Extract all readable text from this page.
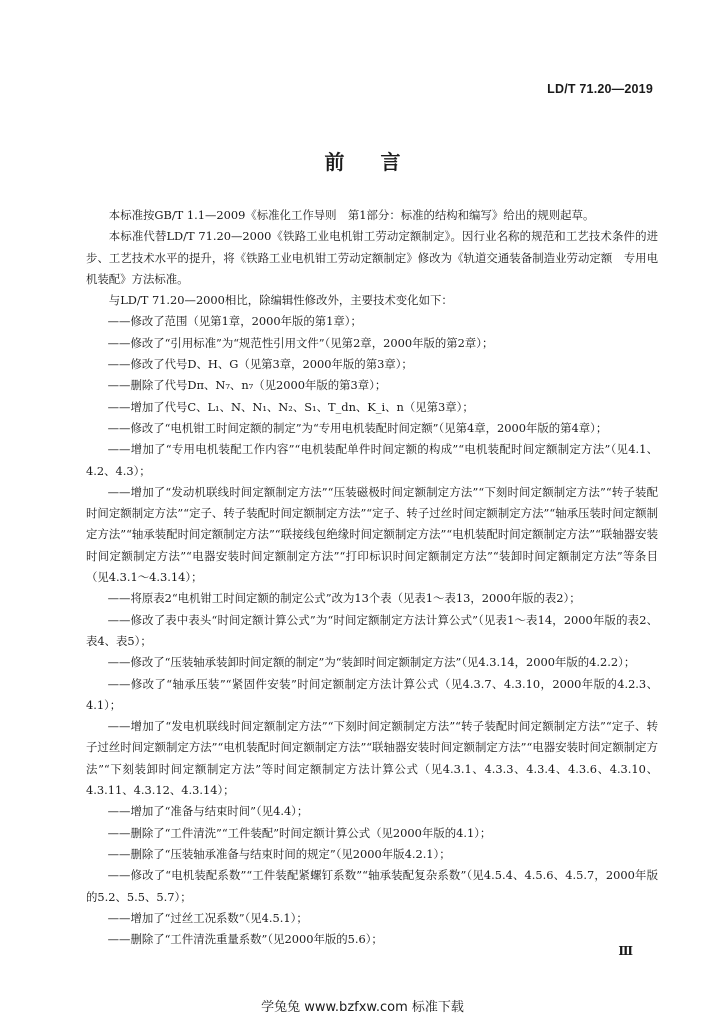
LD/T 71.20—2019
前言

本标准按GB/T 1.1—2009《标准化工作导则　第1部分：标准的结构和编写》给出的规则起草。

本标准代替LD/T 71.20—2000《铁路工业电机钳工劳动定额制定》。因行业名称的规范和工艺技术条件的进步、工艺技术水平的提升，将《铁路工业电机钳工劳动定额制定》修改为《轨道交通装备制造业劳动定额　专用电机装配》方法标准。

与LD/T 71.20—2000相比，除编辑性修改外，主要技术变化如下：

——修改了范围（见第1章，2000年版的第1章）；

——修改了“引用标准”为“规范性引用文件”（见第2章，2000年版的第2章）；

——修改了代号D、H、G（见第3章，2000年版的第3章）；

——删除了代号Dπ、N₇、n₇（见2000年版的第3章）；

——增加了代号C、L₁、N、N₁、N₂、S₁、T_dn、K_i、n（见第3章）；

——修改了“电机钳工时间定额的制定”为“专用电机装配时间定额”（见第4章，2000年版的第4章）；

——增加了“专用电机装配工作内容”“电机装配单件时间定额的构成”“电机装配时间定额制定方法”（见4.1、4.2、4.3）；

——增加了“发动机联线时间定额制定方法”“压装磁极时间定额制定方法”“下刻时间定额制定方法”“转子装配时间定额制定方法”“定子、转子装配时间定额制定方法”“定子、转子过丝时间定额制定方法”“轴承压装时间定额制定方法”“轴承装配时间定额制定方法”“联接线包绝缘时间定额制定方法”“电机装配时间定额制定方法”“联轴器安装时间定额制定方法”“电器安装时间定额制定方法”“打印标识时间定额制定方法”“装卸时间定额制定方法”等条目（见4.3.1～4.3.14）；

——将原表2“电机钳工时间定额的制定公式”改为13个表（见表1～表13，2000年版的表2）；

——修改了表中表头“时间定额计算公式”为“时间定额制定方法计算公式”（见表1～表14，2000年版的表2、表4、表5）；

——修改了“压装轴承装卸时间定额的制定”为“装卸时间定额制定方法”（见4.3.14，2000年版的4.2.2）；

——修改了“轴承压装”“紧固件安装”时间定额制定方法计算公式（见4.3.7、4.3.10，2000年版的4.2.3、4.1）；

——增加了“发电机联线时间定额制定方法”“下刻时间定额制定方法”“转子装配时间定额制定方法”“定子、转子过丝时间定额制定方法”“电机装配时间定额制定方法”“联轴器安装时间定额制定方法”“电器安装时间定额制定方法”“下刻装卸时间定额制定方法”等时间定额制定方法计算公式（见4.3.1、4.3.3、4.3.4、4.3.6、4.3.10、4.3.11、4.3.12、4.3.14）；

——增加了“准备与结束时间”（见4.4）；

——删除了“工件清洗”“工件装配”时间定额计算公式（见2000年版的4.1）；

——删除了“压装轴承准备与结束时间的规定”（见2000年版4.2.1）；

——修改了“电机装配系数”“工件装配紧螺钉系数”“轴承装配复杂系数”（见4.5.4、4.5.6、4.5.7，2000年版的5.2、5.5、5.7）；

——增加了“过丝工况系数”（见4.5.1）；

——删除了“工件清洗重量系数”（见2000年版的5.6）；

Ⅲ
学兔兔 www.bzfxw.com 标准下载
